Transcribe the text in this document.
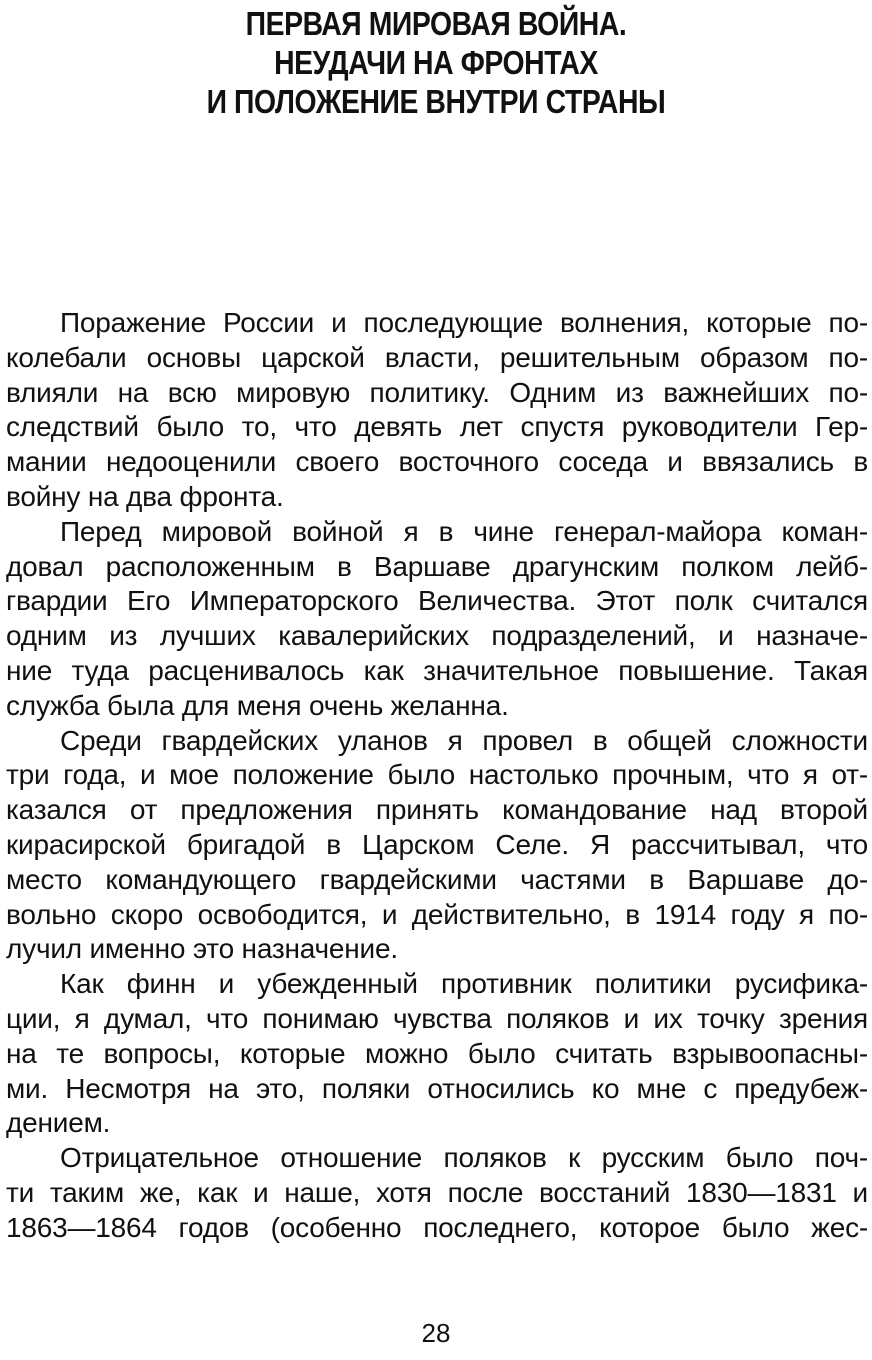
ПЕРВАЯ МИРОВАЯ ВОЙНА.
НЕУДАЧИ НА ФРОНТАХ
И ПОЛОЖЕНИЕ ВНУТРИ СТРАНЫ
Поражение России и последующие волнения, которые по-
колебали основы царской власти, решительным образом по-
влияли на всю мировую политику. Одним из важнейших по-
следствий было то, что девять лет спустя руководители Гер-
мании недооценили своего восточного соседа и ввязались в
войну на два фронта.
Перед мировой войной я в чине генерал-майора коман-
довал расположенным в Варшаве драгунским полком лейб-
гвардии Его Императорского Величества. Этот полк считался
одним из лучших кавалерийских подразделений, и назначе-
ние туда расценивалось как значительное повышение. Такая
служба была для меня очень желанна.
Среди гвардейских уланов я провел в общей сложности
три года, и мое положение было настолько прочным, что я от-
казался от предложения принять командование над второй
кирасирской бригадой в Царском Селе. Я рассчитывал, что
место командующего гвардейскими частями в Варшаве до-
вольно скоро освободится, и действительно, в 1914 году я по-
лучил именно это назначение.
Как финн и убежденный противник политики русифика-
ции, я думал, что понимаю чувства поляков и их точку зрения
на те вопросы, которые можно было считать взрывоопасны-
ми. Несмотря на это, поляки относились ко мне с предубеж-
дением.
Отрицательное отношение поляков к русским было поч-
ти таким же, как и наше, хотя после восстаний 1830—1831 и
1863—1864 годов (особенно последнего, которое было жес-
28
